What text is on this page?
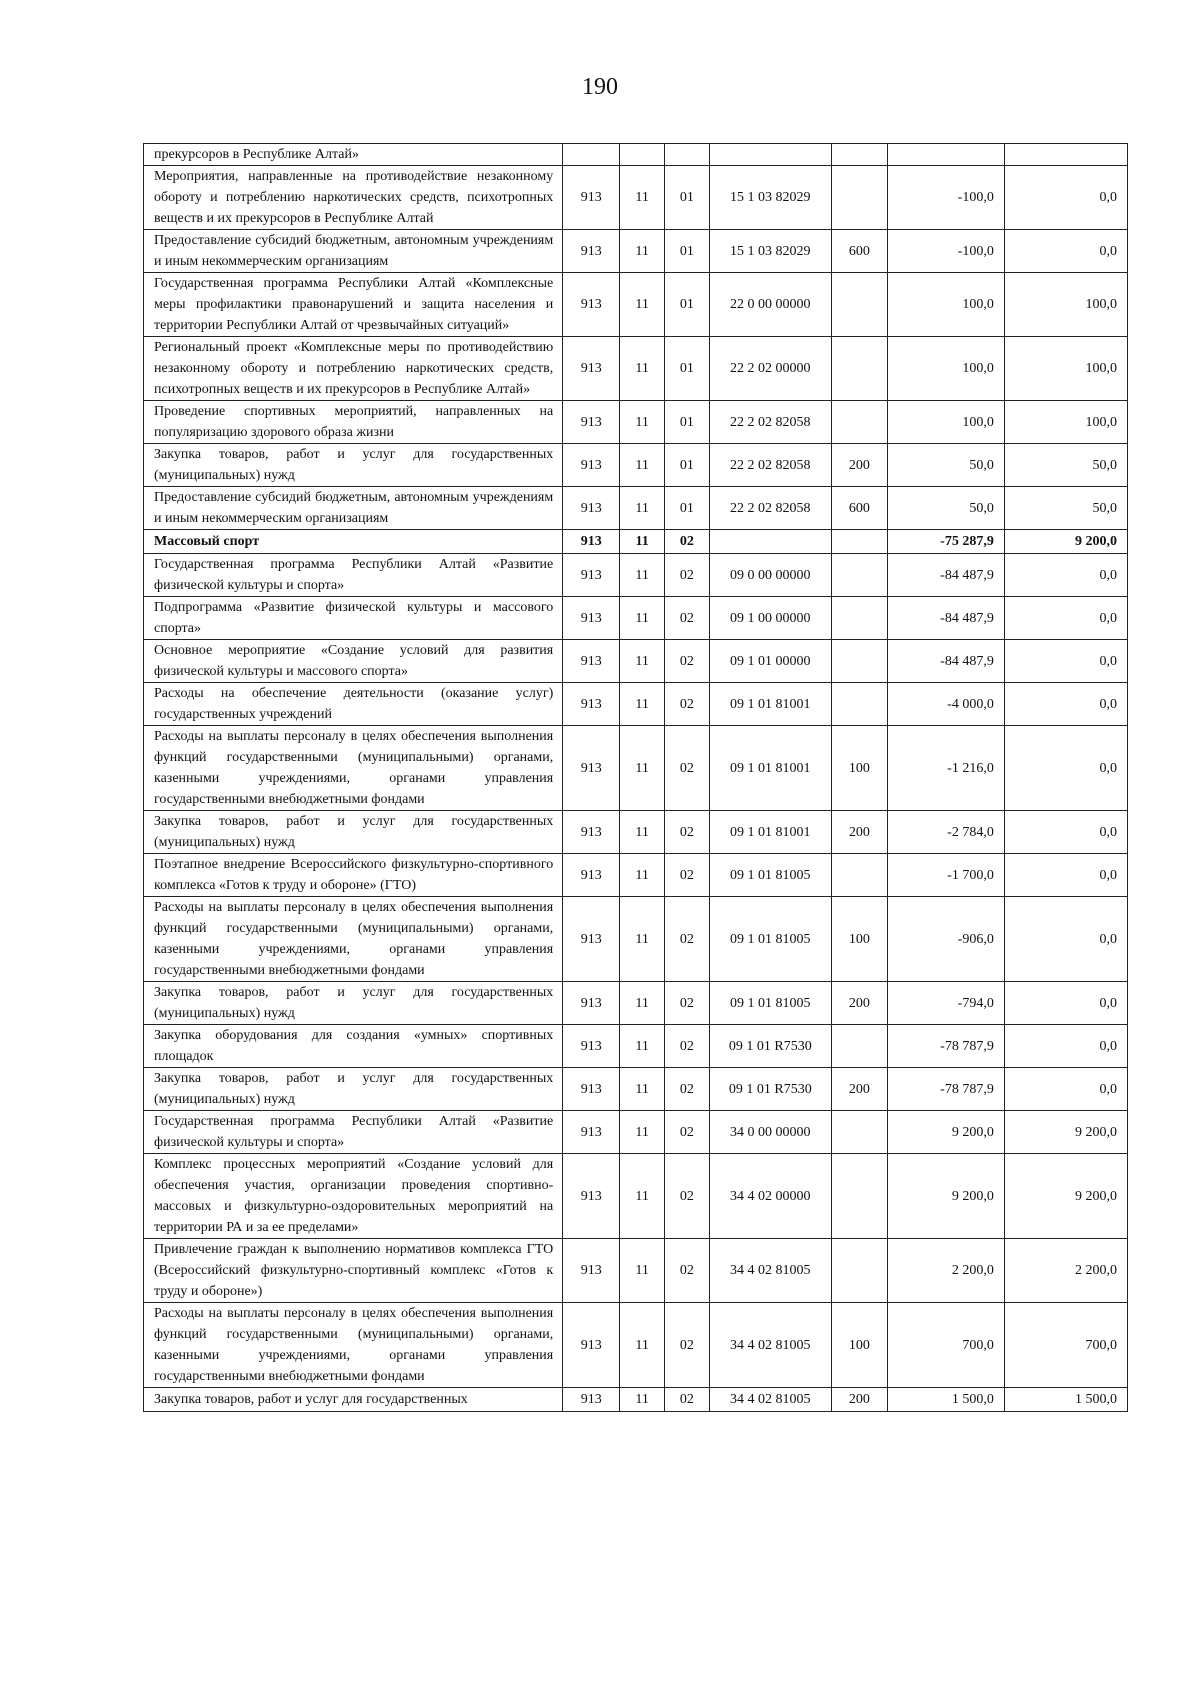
190
прекурсоров в Республике Алтай»							
Мероприятия, направленные на противодействие незаконному обороту и потреблению наркотических средств, психотропных веществ и их прекурсоров в Республике Алтай	913	11	01	15 1 03 82029		-100,0	0,0
Предоставление субсидий бюджетным, автономным учреждениям и иным некоммерческим организациям	913	11	01	15 1 03 82029	600	-100,0	0,0
Государственная программа Республики Алтай «Комплексные меры профилактики правонарушений и защита населения и территории Республики Алтай от чрезвычайных ситуаций»	913	11	01	22 0 00 00000		100,0	100,0
Региональный проект «Комплексные меры по противодействию незаконному обороту и потреблению наркотических средств, психотропных веществ и их прекурсоров в Республике Алтай»	913	11	01	22 2 02 00000		100,0	100,0
Проведение спортивных мероприятий, направленных на популяризацию здорового образа жизни	913	11	01	22 2 02 82058		100,0	100,0
Закупка товаров, работ и услуг для государственных (муниципальных) нужд	913	11	01	22 2 02 82058	200	50,0	50,0
Предоставление субсидий бюджетным, автономным учреждениям и иным некоммерческим организациям	913	11	01	22 2 02 82058	600	50,0	50,0
Массовый спорт	913	11	02			-75 287,9	9 200,0
Государственная программа Республики Алтай «Развитие физической культуры и спорта»	913	11	02	09 0 00 00000		-84 487,9	0,0
Подпрограмма «Развитие физической культуры и массового спорта»	913	11	02	09 1 00 00000		-84 487,9	0,0
Основное мероприятие «Создание условий для развития физической культуры и массового спорта»	913	11	02	09 1 01 00000		-84 487,9	0,0
Расходы на обеспечение деятельности (оказание услуг) государственных учреждений	913	11	02	09 1 01 81001		-4 000,0	0,0
Расходы на выплаты персоналу в целях обеспечения выполнения функций государственными (муниципальными) органами, казенными учреждениями, органами управления государственными внебюджетными фондами	913	11	02	09 1 01 81001	100	-1 216,0	0,0
Закупка товаров, работ и услуг для государственных (муниципальных) нужд	913	11	02	09 1 01 81001	200	-2 784,0	0,0
Поэтапное внедрение Всероссийского физкультурно-спортивного комплекса «Готов к труду и обороне» (ГТО)	913	11	02	09 1 01 81005		-1 700,0	0,0
Расходы на выплаты персоналу в целях обеспечения выполнения функций государственными (муниципальными) органами, казенными учреждениями, органами управления государственными внебюджетными фондами	913	11	02	09 1 01 81005	100	-906,0	0,0
Закупка товаров, работ и услуг для государственных (муниципальных) нужд	913	11	02	09 1 01 81005	200	-794,0	0,0
Закупка оборудования для создания «умных» спортивных площадок	913	11	02	09 1 01 R7530		-78 787,9	0,0
Закупка товаров, работ и услуг для государственных (муниципальных) нужд	913	11	02	09 1 01 R7530	200	-78 787,9	0,0
Государственная программа Республики Алтай «Развитие физической культуры и спорта»	913	11	02	34 0 00 00000		9 200,0	9 200,0
Комплекс процессных мероприятий «Создание условий для обеспечения участия, организации проведения спортивно-массовых и физкультурно-оздоровительных мероприятий на территории РА и за ее пределами»	913	11	02	34 4 02 00000		9 200,0	9 200,0
Привлечение граждан к выполнению нормативов комплекса ГТО (Всероссийский физкультурно-спортивный комплекс «Готов к труду и обороне»)	913	11	02	34 4 02 81005		2 200,0	2 200,0
Расходы на выплаты персоналу в целях обеспечения выполнения функций государственными (муниципальными) органами, казенными учреждениями, органами управления государственными внебюджетными фондами	913	11	02	34 4 02 81005	100	700,0	700,0
Закупка товаров, работ и услуг для государственных	913	11	02	34 4 02 81005	200	1 500,0	1 500,0
